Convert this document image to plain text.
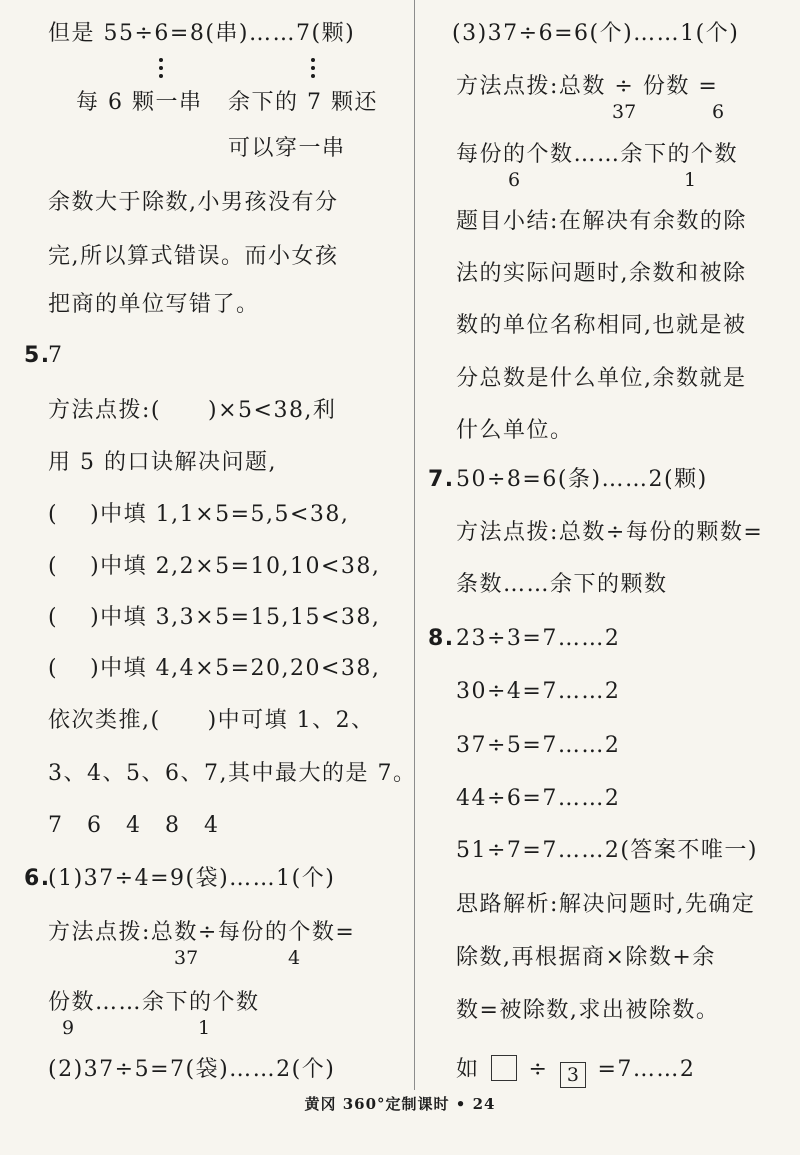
但是 55÷6=8(串)……7(颗)
每 6 颗一串 余下的 7 颗还
可以穿一串
余数大于除数,小男孩没有分
完,所以算式错误。而小女孩
把商的单位写错了。
5.
7
方法点拨:(　　)×5<38,利
用 5 的口诀解决问题,
(　 )中填 1,1×5=5,5<38,
(　 )中填 2,2×5=10,10<38,
(　 )中填 3,3×5=15,15<38,
(　 )中填 4,4×5=20,20<38,
依次类推,(　　)中可填 1、2、
3、4、5、6、7,其中最大的是 7。
7　6　4　8　4
6.
(1)37÷4=9(袋)……1(个)
方法点拨:总数÷每份的个数=
37	4
份数……余下的个数
9	1
(2)37÷5=7(袋)……2(个)
(3)37÷6=6(个)……1(个)
方法点拨:总数 ÷ 份数 =
37	6
每份的个数……余下的个数
6	1
题目小结:在解决有余数的除
法的实际问题时,余数和被除
数的单位名称相同,也就是被
分总数是什么单位,余数就是
什么单位。
7. 50÷8=6(条)……2(颗)
方法点拨:总数÷每份的颗数=
条数……余下的颗数
8. 23÷3=7……2
30÷4=7……2
37÷5=7……2
44÷6=7……2
51÷7=7……2(答案不唯一)
思路解析:解决问题时,先确定
除数,再根据商×除数+余
数=被除数,求出被除数。
如 ÷ 3 =7……2
黄冈 360°定制课时 • 24
